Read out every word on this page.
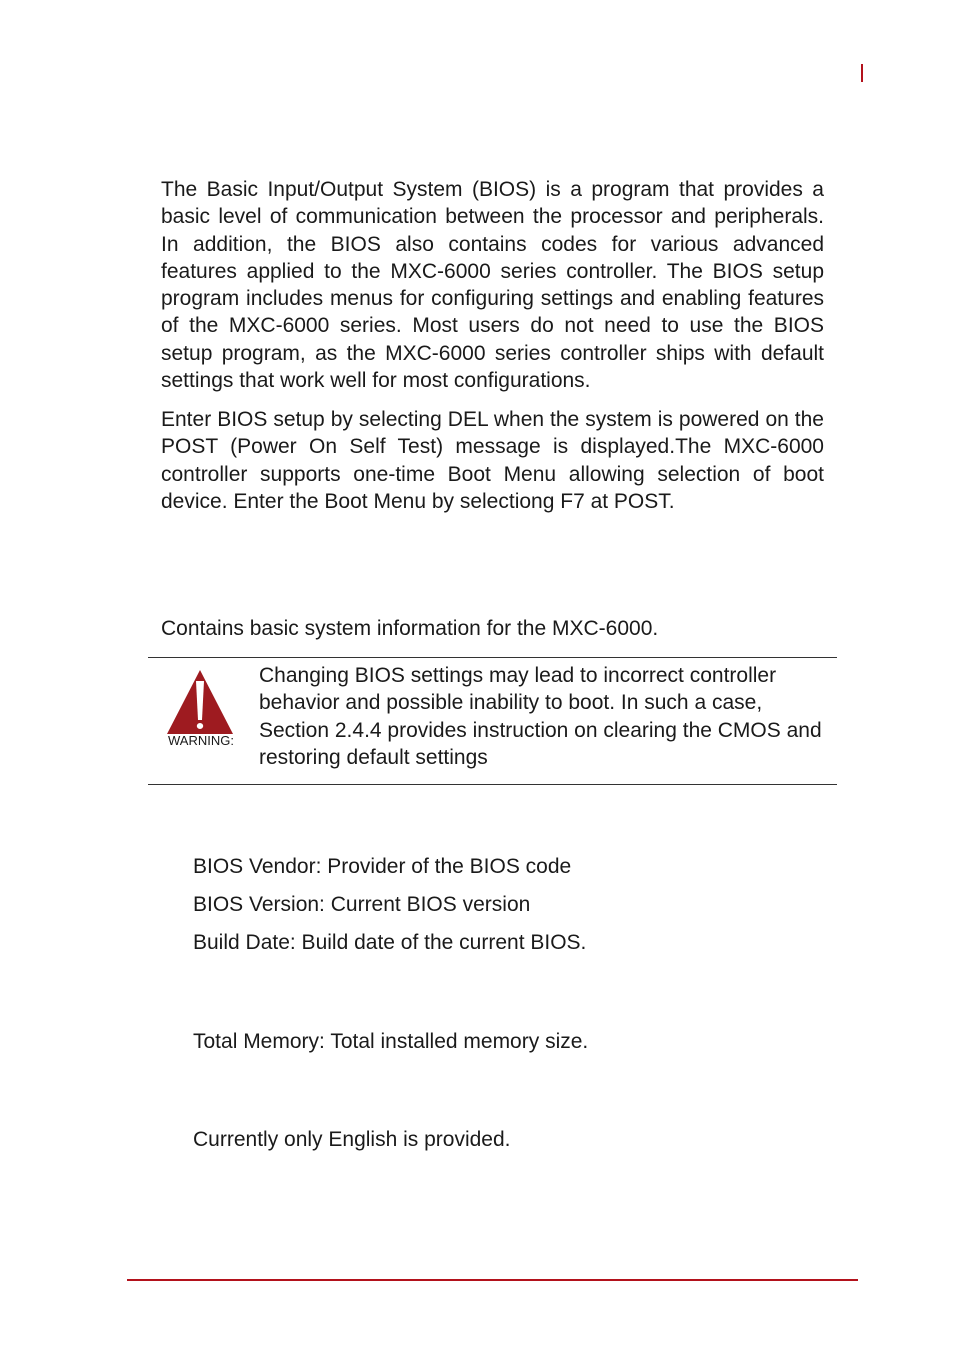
The Basic Input/Output System (BIOS) is a program that provides a basic level of communication between the processor and peripherals. In addition, the BIOS also contains codes for various advanced features applied to the MXC-6000 series controller. The BIOS setup program includes menus for configuring settings and enabling features of the MXC-6000 series. Most users do not need to use the BIOS setup program, as the MXC-6000 series controller ships with default settings that work well for most configurations.

Enter BIOS setup by selecting DEL when the system is powered on the POST (Power On Self Test) message is displayed.The MXC-6000 controller supports one-time Boot Menu allowing selection of boot device. Enter the Boot Menu by selectiong F7 at POST.

Contains basic system information for the MXC-6000.

WARNING:

Changing BIOS settings may lead to incorrect controller behavior and possible inability to boot. In such a case, Section 2.4.4 provides instruction on clearing the CMOS and restoring default settings

BIOS Vendor: Provider of the BIOS code

BIOS Version: Current BIOS version

Build Date: Build date of the current BIOS.

Total Memory: Total installed memory size.

Currently only English is provided.
